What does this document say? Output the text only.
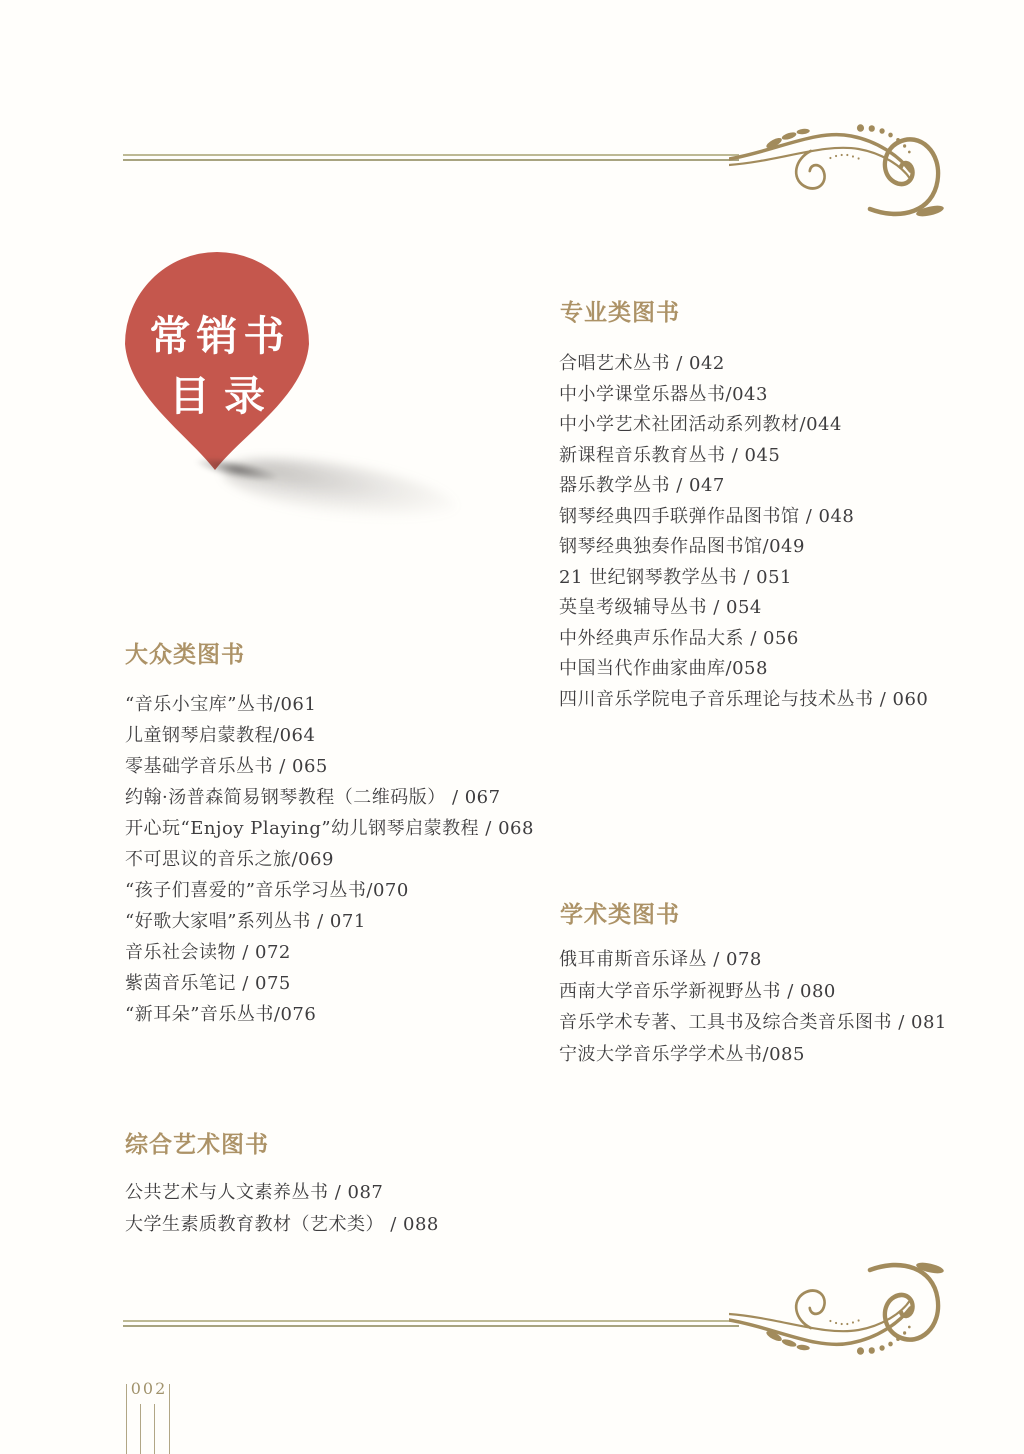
常销书
目录
专业类图书
合唱艺术丛书 / 042
中小学课堂乐器丛书/043
中小学艺术社团活动系列教材/044
新课程音乐教育丛书 / 045
器乐教学丛书 / 047
钢琴经典四手联弹作品图书馆 / 048
钢琴经典独奏作品图书馆/049
21 世纪钢琴教学丛书 / 051
英皇考级辅导丛书 / 054
中外经典声乐作品大系 / 056
中国当代作曲家曲库/058
四川音乐学院电子音乐理论与技术丛书 / 060
大众类图书
“音乐小宝库”丛书/061
儿童钢琴启蒙教程/064
零基础学音乐丛书 / 065
约翰·汤普森简易钢琴教程（二维码版） / 067
开心玩“Enjoy Playing”幼儿钢琴启蒙教程 / 068
不可思议的音乐之旅/069
“孩子们喜爱的”音乐学习丛书/070
“好歌大家唱”系列丛书 / 071
音乐社会读物 / 072
紫茵音乐笔记 / 075
“新耳朵”音乐丛书/076
学术类图书
俄耳甫斯音乐译丛 / 078
西南大学音乐学新视野丛书 / 080
音乐学术专著、工具书及综合类音乐图书 / 081
宁波大学音乐学学术丛书/085
综合艺术图书
公共艺术与人文素养丛书 / 087
大学生素质教育教材（艺术类） / 088
002
